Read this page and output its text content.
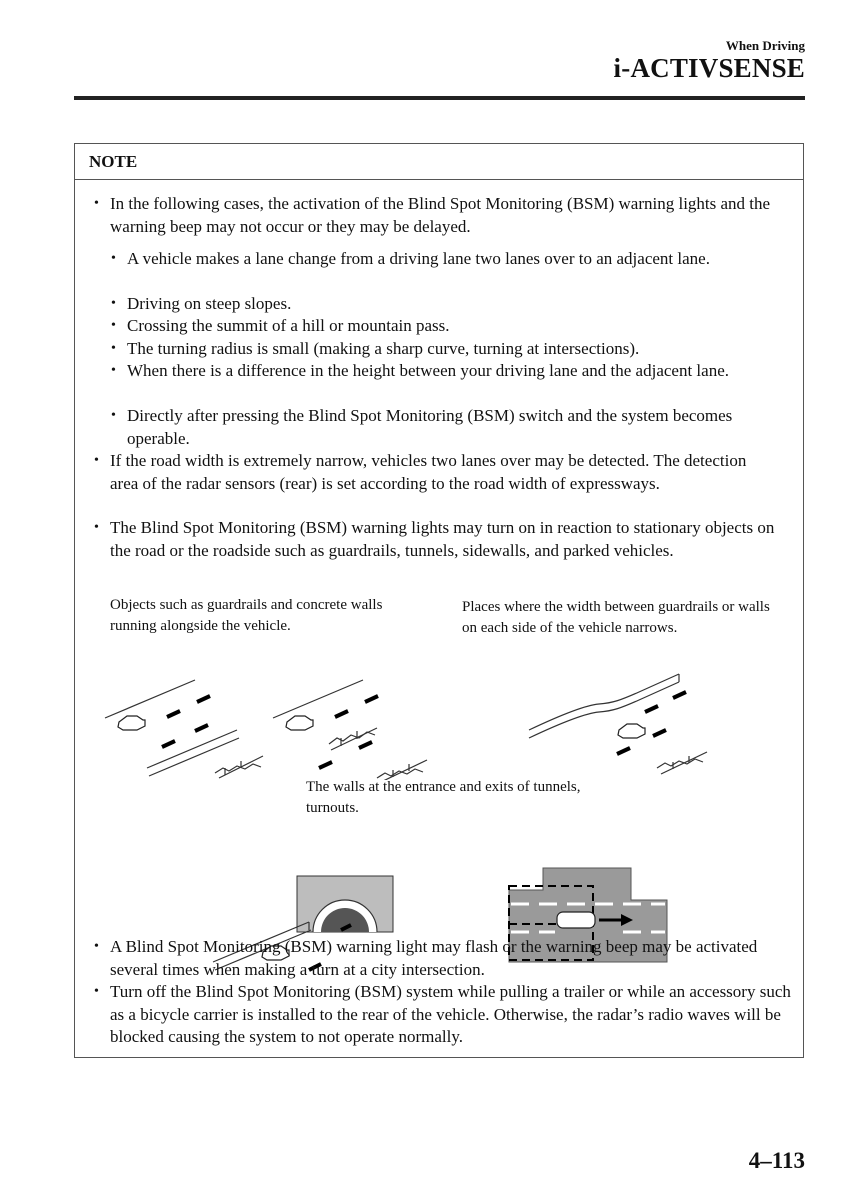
When Driving
i-ACTIVSENSE
NOTE
• In the following cases, the activation of the Blind Spot Monitoring (BSM) warning lights and the warning beep may not occur or they may be delayed.
• A vehicle makes a lane change from a driving lane two lanes over to an adjacent lane.
• Driving on steep slopes.
• Crossing the summit of a hill or mountain pass.
• The turning radius is small (making a sharp curve, turning at intersections).
• When there is a difference in the height between your driving lane and the adjacent lane.
• Directly after pressing the Blind Spot Monitoring (BSM) switch and the system becomes operable.
• If the road width is extremely narrow, vehicles two lanes over may be detected. The detection area of the radar sensors (rear) is set according to the road width of expressways.
• The Blind Spot Monitoring (BSM) warning lights may turn on in reaction to stationary objects on the road or the roadside such as guardrails, tunnels, sidewalls, and parked vehicles.
Objects such as guardrails and concrete walls running alongside the vehicle.
Places where the width between guardrails or walls on each side of the vehicle narrows.
The walls at the entrance and exits of tunnels, turnouts.
• A Blind Spot Monitoring (BSM) warning light may flash or the warning beep may be activated several times when making a turn at a city intersection.
• Turn off the Blind Spot Monitoring (BSM) system while pulling a trailer or while an accessory such as a bicycle carrier is installed to the rear of the vehicle. Otherwise, the radar’s radio waves will be blocked causing the system to not operate normally.
4–113
